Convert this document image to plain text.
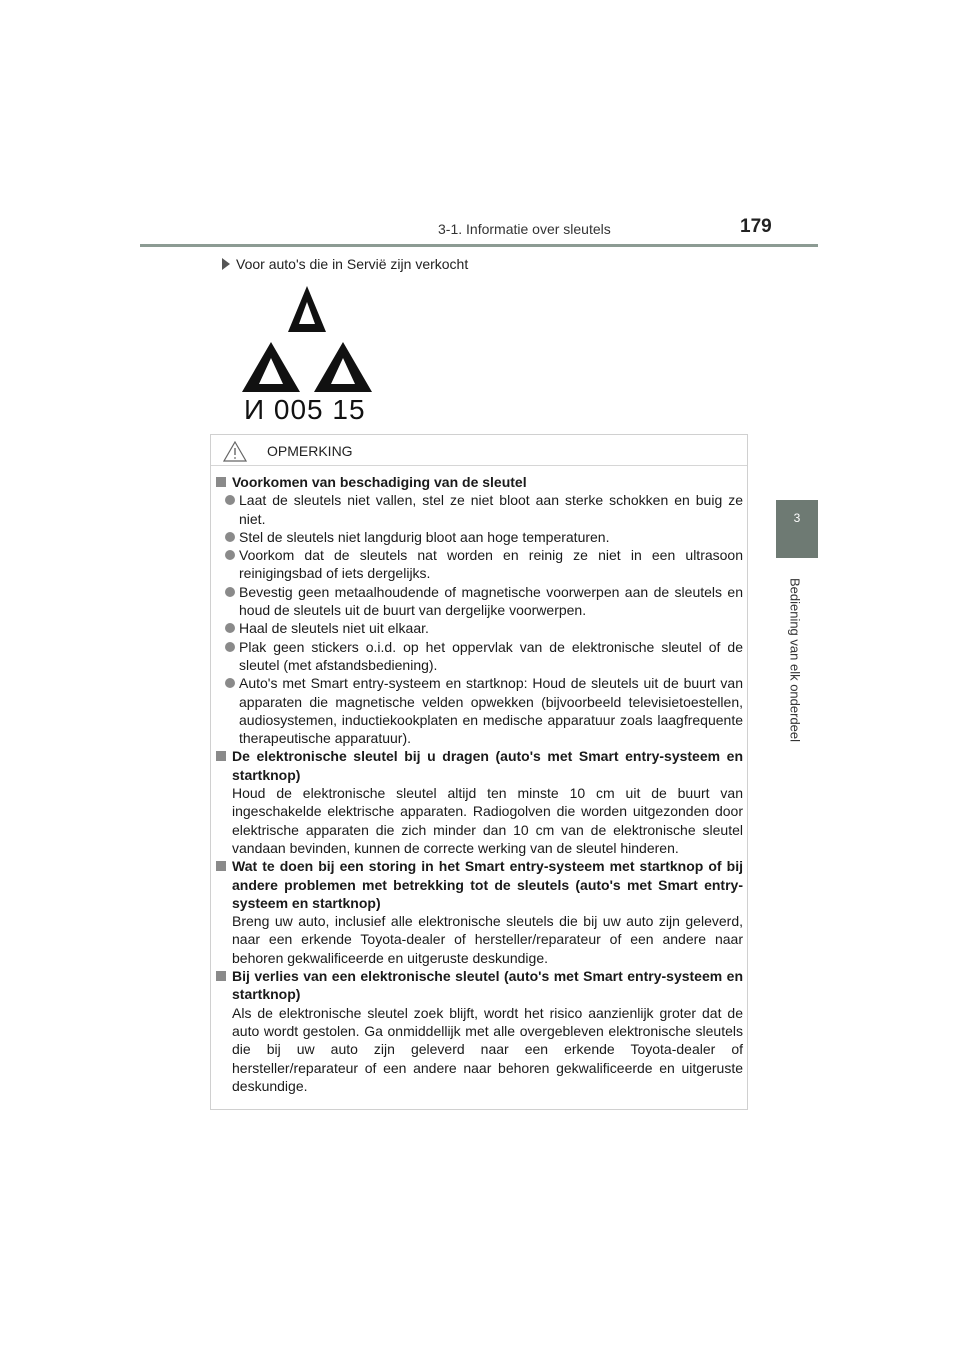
3-1. Informatie over sleutels	179
3
Bediening van elk onderdeel
Voor auto's die in Servië zijn verkocht
И 005 15
OPMERKING
Voorkomen van beschadiging van de sleutel
Laat de sleutels niet vallen, stel ze niet bloot aan sterke schokken en buig ze niet.
Stel de sleutels niet langdurig bloot aan hoge temperaturen.
Voorkom dat de sleutels nat worden en reinig ze niet in een ultrasoon reinigingsbad of iets dergelijks.
Bevestig geen metaalhoudende of magnetische voorwerpen aan de sleutels en houd de sleutels uit de buurt van dergelijke voorwerpen.
Haal de sleutels niet uit elkaar.
Plak geen stickers o.i.d. op het oppervlak van de elektronische sleutel of de sleutel (met afstandsbediening).
Auto's met Smart entry-systeem en startknop: Houd de sleutels uit de buurt van apparaten die magnetische velden opwekken (bijvoorbeeld televisietoestellen, audiosystemen, inductiekookplaten en medische apparatuur zoals laagfrequente therapeutische apparatuur).
De elektronische sleutel bij u dragen (auto's met Smart entry-systeem en startknop)
Houd de elektronische sleutel altijd ten minste 10 cm uit de buurt van ingeschakelde elektrische apparaten. Radiogolven die worden uitgezonden door elektrische apparaten die zich minder dan 10 cm van de elektronische sleutel vandaan bevinden, kunnen de correcte werking van de sleutel hinderen.
Wat te doen bij een storing in het Smart entry-systeem met startknop of bij andere problemen met betrekking tot de sleutels (auto's met Smart entry-systeem en startknop)
Breng uw auto, inclusief alle elektronische sleutels die bij uw auto zijn geleverd, naar een erkende Toyota-dealer of hersteller/reparateur of een andere naar behoren gekwalificeerde en uitgeruste deskundige.
Bij verlies van een elektronische sleutel (auto's met Smart entry-systeem en startknop)
Als de elektronische sleutel zoek blijft, wordt het risico aanzienlijk groter dat de auto wordt gestolen. Ga onmiddellijk met alle overgebleven elektronische sleutels die bij uw auto zijn geleverd naar een erkende Toyota-dealer of hersteller/reparateur of een andere naar behoren gekwalificeerde en uitgeruste deskundige.
